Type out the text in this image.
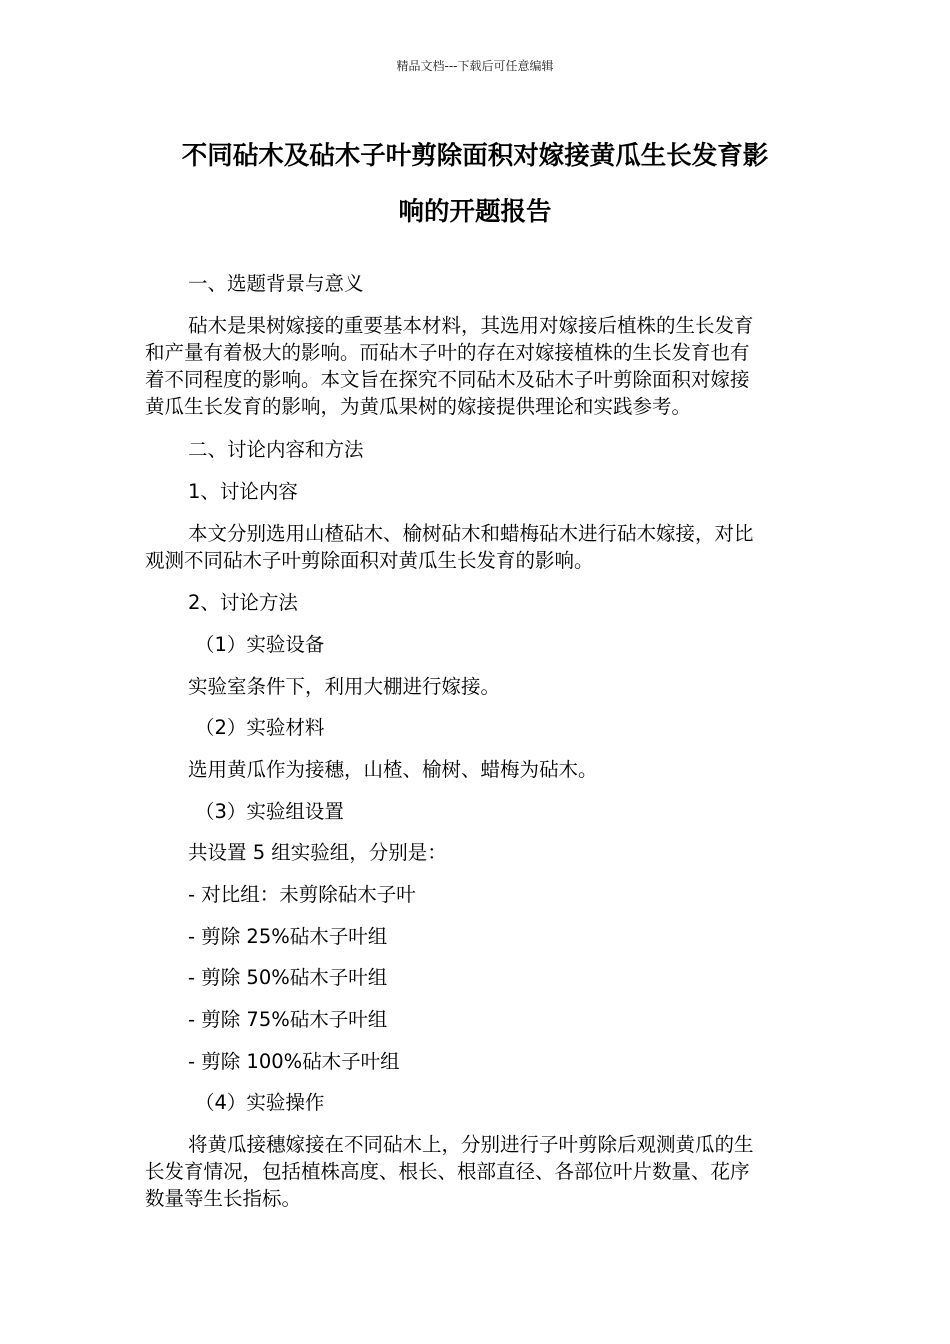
精品文档---下载后可任意编辑
不同砧木及砧木子叶剪除面积对嫁接黄瓜生长发育影
响的开题报告

一、选题背景与意义

砧木是果树嫁接的重要基本材料，其选用对嫁接后植株的生长发育

和产量有着极大的影响。而砧木子叶的存在对嫁接植株的生长发育也有

着不同程度的影响。本文旨在探究不同砧木及砧木子叶剪除面积对嫁接

黄瓜生长发育的影响，为黄瓜果树的嫁接提供理论和实践参考。

二、讨论内容和方法

1、讨论内容

本文分别选用山楂砧木、榆树砧木和蜡梅砧木进行砧木嫁接，对比

观测不同砧木子叶剪除面积对黄瓜生长发育的影响。

2、讨论方法

（1）实验设备

实验室条件下，利用大棚进行嫁接。

（2）实验材料

选用黄瓜作为接穗，山楂、榆树、蜡梅为砧木。

（3）实验组设置

共设置 5 组实验组，分别是：

- 对比组：未剪除砧木子叶

- 剪除 25%砧木子叶组

- 剪除 50%砧木子叶组

- 剪除 75%砧木子叶组

- 剪除 100%砧木子叶组

（4）实验操作

将黄瓜接穗嫁接在不同砧木上，分别进行子叶剪除后观测黄瓜的生

长发育情况，包括植株高度、根长、根部直径、各部位叶片数量、花序

数量等生长指标。
